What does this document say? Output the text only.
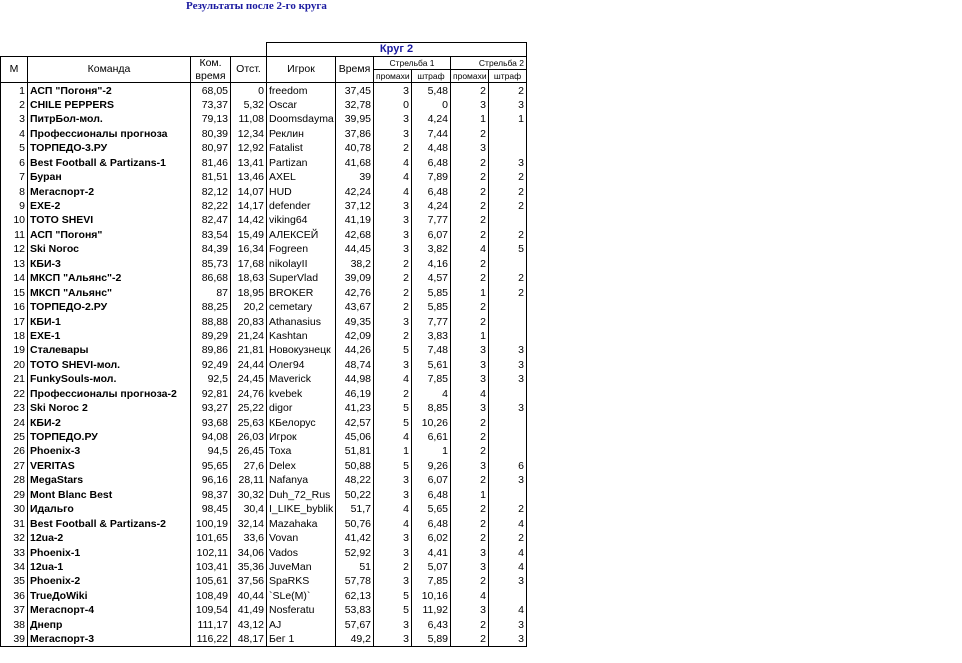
Результаты после 2-го круга
				Круг 2					
М	Команда	Ком.	Отст.	Игрок	Время	Стрельба 1		Стрельба 2	
		время				промахи	штраф	промахи	штраф
1	АСП "Погоня"-2	68,05	0	freedom	37,45	3	5,48	2	2
2	CHILE PEPPERS	73,37	5,32	Oscar	32,78	0	0	3	3
3	ПитрБол-мол.	79,13	11,08	Doomsdayma	39,95	3	4,24	1	1
4	Профессионалы прогноза	80,39	12,34	Реклин	37,86	3	7,44	2	
5	ТОРПЕДО-3.РУ	80,97	12,92	Fatalist	40,78	2	4,48	3	
6	Best Football & Partizans-1	81,46	13,41	Partizan	41,68	4	6,48	2	3
7	Буран	81,51	13,46	AXEL	39	4	7,89	2	2
8	Мегаспорт-2	82,12	14,07	HUD	42,24	4	6,48	2	2
9	EXE-2	82,22	14,17	defender	37,12	3	4,24	2	2
10	TOTO SHEVI	82,47	14,42	viking64	41,19	3	7,77	2	
11	АСП "Погоня"	83,54	15,49	АЛЕКСЕЙ	42,68	3	6,07	2	2
12	Ski Nогос	84,39	16,34	Fogreen	44,45	3	3,82	4	5
13	КБИ-3	85,73	17,68	nikolayII	38,2	2	4,16	2	
14	МКСП "Альянс"-2	86,68	18,63	SuperVlad	39,09	2	4,57	2	2
15	МКСП "Альянс"	87	18,95	BROKER	42,76	2	5,85	1	2
16	ТОРПЕДО-2.РУ	88,25	20,2	cemetary	43,67	2	5,85	2	
17	КБИ-1	88,88	20,83	Athanasius	49,35	3	7,77	2	
18	EXE-1	89,29	21,24	Kashtan	42,09	2	3,83	1	
19	Сталевары	89,86	21,81	Новокузнецк	44,26	5	7,48	3	3
20	TOTO SHEVI-мол.	92,49	24,44	Олег94	48,74	3	5,61	3	3
21	FunkySouls-мол.	92,5	24,45	Maverick	44,98	4	7,85	3	3
22	Профессионалы прогноза-2	92,81	24,76	kvebek	46,19	2	4	4	
23	Ski Nогос 2	93,27	25,22	digor	41,23	5	8,85	3	3
24	КБИ-2	93,68	25,63	КБелорус	42,57	5	10,26	2	
25	ТОРПЕДО.РУ	94,08	26,03	Игрок	45,06	4	6,61	2	
26	Phoenix-3	94,5	26,45	Тоха	51,81	1	1	2	
27	VERITAS	95,65	27,6	Delex	50,88	5	9,26	3	6
28	MegaStars	96,16	28,11	Nafanya	48,22	3	6,07	2	3
29	Mont Blanc Best	98,37	30,32	Duh_72_Rus	50,22	3	6,48	1	
30	Идальго	98,45	30,4	I_LIKE_byblik	51,7	4	5,65	2	2
31	Best Football & Partizans-2	100,19	32,14	Mazahaka	50,76	4	6,48	2	4
32	12ua-2	101,65	33,6	Vovan	41,42	3	6,02	2	2
33	Phoenix-1	102,11	34,06	Vados	52,92	3	4,41	3	4
34	12ua-1	103,41	35,36	JuveMan	51	2	5,07	3	4
35	Phoenix-2	105,61	37,56	SpaRKS	57,78	3	7,85	2	3
36	TrueДoWiki	108,49	40,44	`SLe(M)`	62,13	5	10,16	4	
37	Мегаспорт-4	109,54	41,49	Nosferatu	53,83	5	11,92	3	4
38	Днепр	111,17	43,12	AJ	57,67	3	6,43	2	3
39	Мегаспорт-3	116,22	48,17	Бег 1	49,2	3	5,89	2	3
